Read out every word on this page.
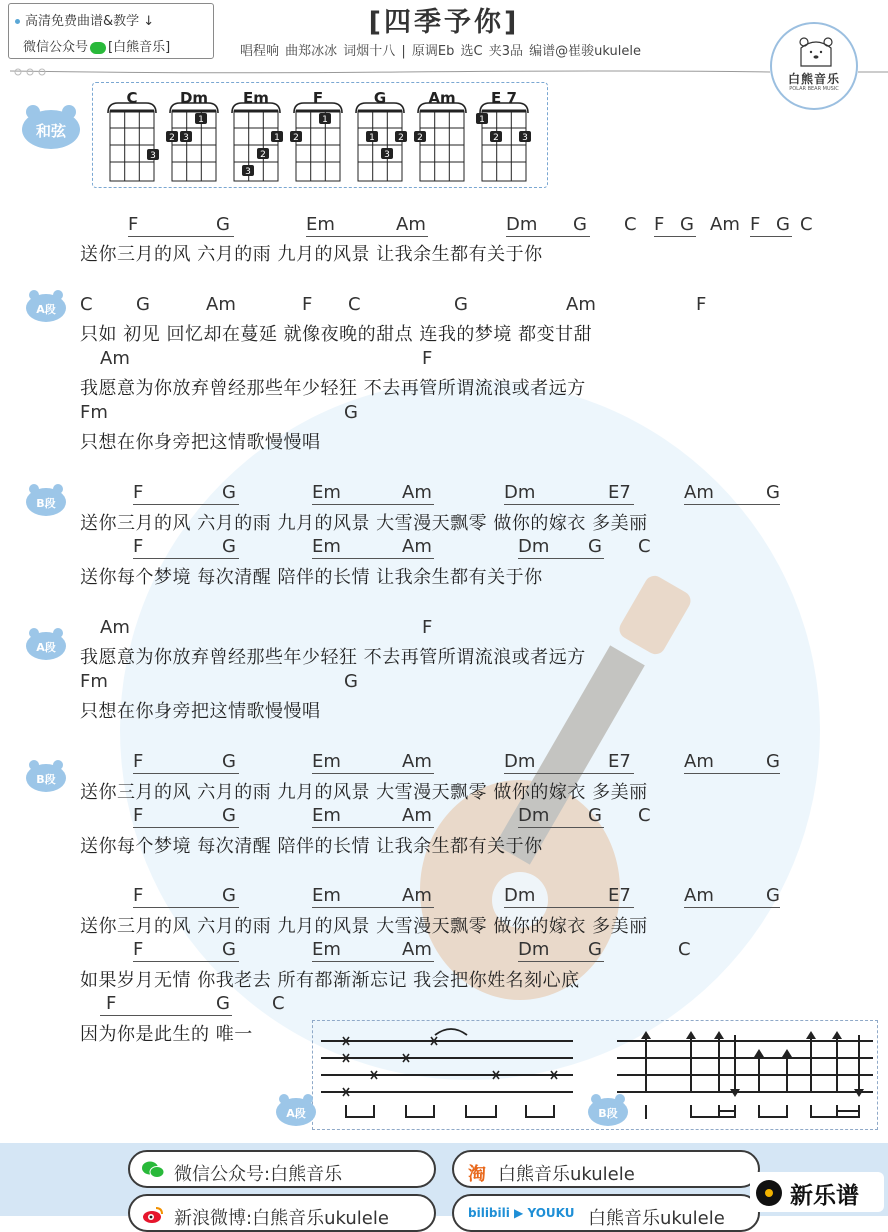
高清免费曲谱&教学 ↓
微信公众号 [白熊音乐]
[四季予你]
唱程响 曲郑冰冰 词烟十八 | 原调Eb 选C 夹3品 编谱@崔骏ukulele
白熊音乐
POLAR BEAR MUSIC
和弦
C
3
Dm
1
2 3
Em
1
2
3
F
1
2
G
1	2
3
Am
2
E 7
1
2	3
A段
B段
A段
B段
F	G	Em	Am	Dm G C F G Am F G C
送你三月的风 六月的雨 九月的风景 让我余生都有关于你
C G	Am	F C	G	Am	F
只如 初见 回忆却在蔓延 就像夜晚的甜点 连我的梦境 都变甘甜
Am	F
我愿意为你放弃曾经那些年少轻狂 不去再管所谓流浪或者远方
Fm	G
只想在你身旁把这情歌慢慢唱
F	G	Em	Am	Dm	E7	Am	G
送你三月的风 六月的雨 九月的风景 大雪漫天飘零 做你的嫁衣 多美丽
F	G	Em	Am	Dm G C
送你每个梦境 每次清醒 陪伴的长情 让我余生都有关于你
Am	F
我愿意为你放弃曾经那些年少轻狂 不去再管所谓流浪或者远方
Fm	G
只想在你身旁把这情歌慢慢唱
F	G	Em	Am	Dm	E7	Am	G
送你三月的风 六月的雨 九月的风景 大雪漫天飘零 做你的嫁衣 多美丽
F	G	Em	Am	Dm G C
送你每个梦境 每次清醒 陪伴的长情 让我余生都有关于你
F	G	Em	Am	Dm	E7	Am	G
送你三月的风 六月的雨 九月的风景 大雪漫天飘零 做你的嫁衣 多美丽
F	G	Em	Am	Dm G	C
如果岁月无情 你我老去 所有都渐渐忘记 我会把你姓名刻心底
F	G C
因为你是此生的 唯一
A段	B段
微信公众号:白熊音乐	淘 白熊音乐ukulele
新浪微博:白熊音乐ukulele	bilibili ▶ YOUKU 白熊音乐ukulele
新乐谱
